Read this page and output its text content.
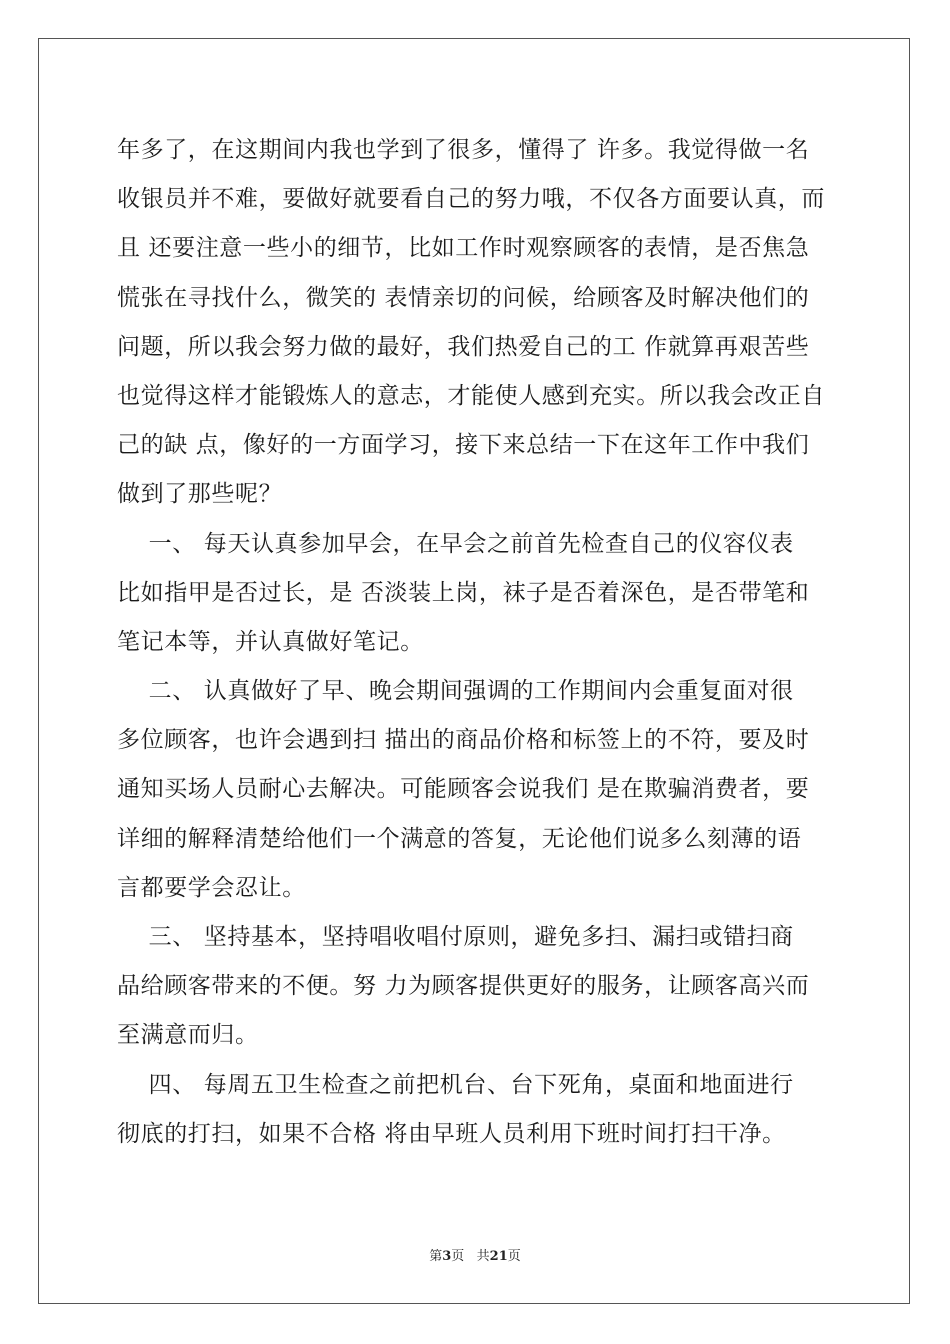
年多了，在这期间内我也学到了很多，懂得了 许多。我觉得做一名
收银员并不难，要做好就要看自己的努力哦，不仅各方面要认真，而
且 还要注意一些小的细节，比如工作时观察顾客的表情，是否焦急
慌张在寻找什么，微笑的 表情亲切的问候，给顾客及时解决他们的
问题，所以我会努力做的最好，我们热爱自己的工 作就算再艰苦些
也觉得这样才能锻炼人的意志，才能使人感到充实。所以我会改正自
己的缺 点，像好的一方面学习，接下来总结一下在这年工作中我们
做到了那些呢？
一、 每天认真参加早会，在早会之前首先检查自己的仪容仪表
比如指甲是否过长，是 否淡装上岗，袜子是否着深色，是否带笔和
笔记本等，并认真做好笔记。
二、 认真做好了早、晚会期间强调的工作期间内会重复面对很
多位顾客，也许会遇到扫 描出的商品价格和标签上的不符，要及时
通知买场人员耐心去解决。可能顾客会说我们 是在欺骗消费者，要
详细的解释清楚给他们一个满意的答复，无论他们说多么刻薄的语
言都要学会忍让。
三、 坚持基本，坚持唱收唱付原则，避免多扫、漏扫或错扫商
品给顾客带来的不便。努 力为顾客提供更好的服务，让顾客高兴而
至满意而归。
四、 每周五卫生检查之前把机台、台下死角，桌面和地面进行
彻底的打扫，如果不合格 将由早班人员利用下班时间打扫干净。
第3页   共21页
